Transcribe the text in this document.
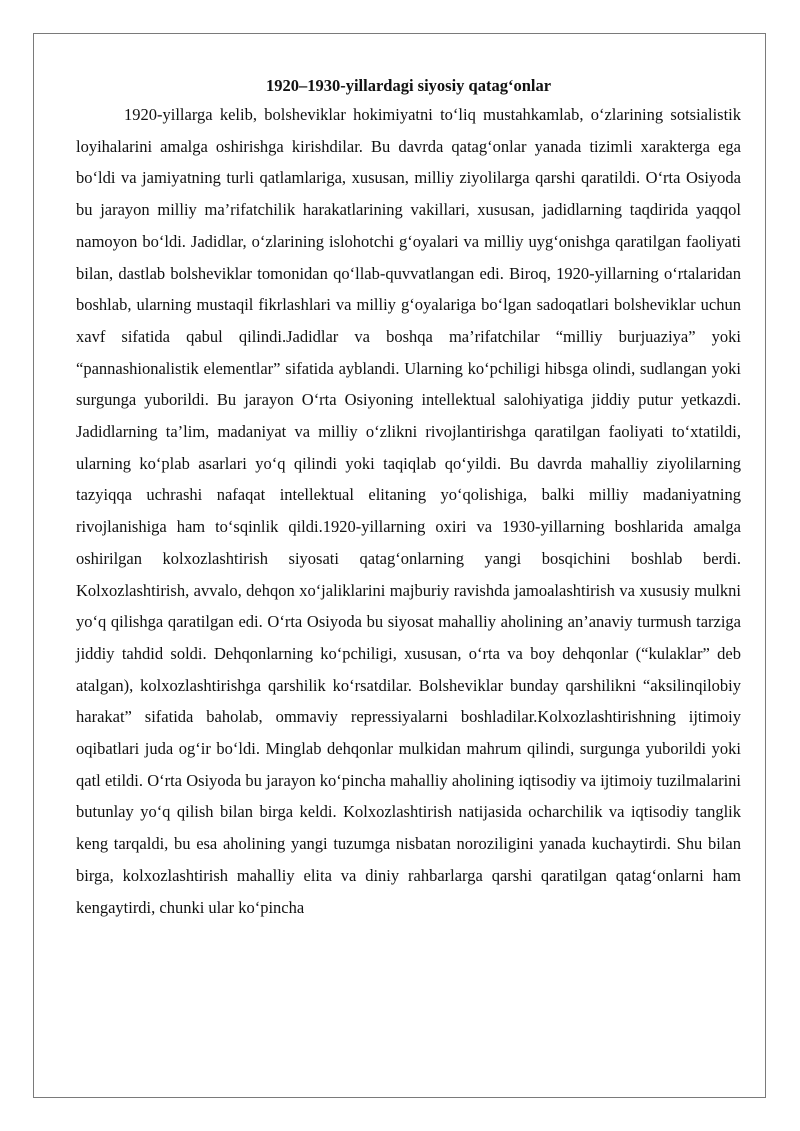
1920–1930-yillardagi siyosiy qatag‘onlar

1920-yillarga kelib, bolsheviklar hokimiyatni to‘liq mustahkamlab, o‘zlarining sotsialistik loyihalarini amalga oshirishga kirishdilar. Bu davrda qatag‘onlar yanada tizimli xarakterga ega bo‘ldi va jamiyatning turli qatlamlariga, xususan, milliy ziyolilarga qarshi qaratildi. O‘rta Osiyoda bu jarayon milliy ma’rifatchilik harakatlarining vakillari, xususan, jadidlarning taqdirida yaqqol namoyon bo‘ldi. Jadidlar, o‘zlarining islohotchi g‘oyalari va milliy uyg‘onishga qaratilgan faoliyati bilan, dastlab bolsheviklar tomonidan qo‘llab-quvvatlangan edi. Biroq, 1920-yillarning o‘rtalaridan boshlab, ularning mustaqil fikrlashlari va milliy g‘oyalariga bo‘lgan sadoqatlari bolsheviklar uchun xavf sifatida qabul qilindi.Jadidlar va boshqa ma’rifatchilar “milliy burjuaziya” yoki “pannashionalistik elementlar” sifatida ayblandi. Ularning ko‘pchiligi hibsga olindi, sudlangan yoki surgunga yuborildi. Bu jarayon O‘rta Osiyoning intellektual salohiyatiga jiddiy putur yetkazdi. Jadidlarning ta’lim, madaniyat va milliy o‘zlikni rivojlantirishga qaratilgan faoliyati to‘xtatildi, ularning ko‘plab asarlari yo‘q qilindi yoki taqiqlab qo‘yildi. Bu davrda mahalliy ziyolilarning tazyiqqa uchrashi nafaqat intellektual elitaning yo‘qolishiga, balki milliy madaniyatning rivojlanishiga ham to‘sqinlik qildi.1920-yillarning oxiri va 1930-yillarning boshlarida amalga oshirilgan kolxozlashtirish siyosati qatag‘onlarning yangi bosqichini boshlab berdi. Kolxozlashtirish, avvalo, dehqon xo‘jaliklarini majburiy ravishda jamoalashtirish va xususiy mulkni yo‘q qilishga qaratilgan edi. O‘rta Osiyoda bu siyosat mahalliy aholining an’anaviy turmush tarziga jiddiy tahdid soldi. Dehqonlarning ko‘pchiligi, xususan, o‘rta va boy dehqonlar (“kulaklar” deb atalgan), kolxozlashtirishga qarshilik ko‘rsatdilar. Bolsheviklar bunday qarshilikni “aksilinqilobiy harakat” sifatida baholab, ommaviy repressiyalarni boshladilar.Kolxozlashtirishning ijtimoiy oqibatlari juda og‘ir bo‘ldi. Minglab dehqonlar mulkidan mahrum qilindi, surgunga yuborildi yoki qatl etildi. O‘rta Osiyoda bu jarayon ko‘pincha mahalliy aholining iqtisodiy va ijtimoiy tuzilmalarini butunlay yo‘q qilish bilan birga keldi. Kolxozlashtirish natijasida ocharchilik va iqtisodiy tanglik keng tarqaldi, bu esa aholining yangi tuzumga nisbatan noroziligini yanada kuchaytirdi. Shu bilan birga, kolxozlashtirish mahalliy elita va diniy rahbarlarga qarshi qaratilgan qatag‘onlarni ham kengaytirdi, chunki ular ko‘pincha
